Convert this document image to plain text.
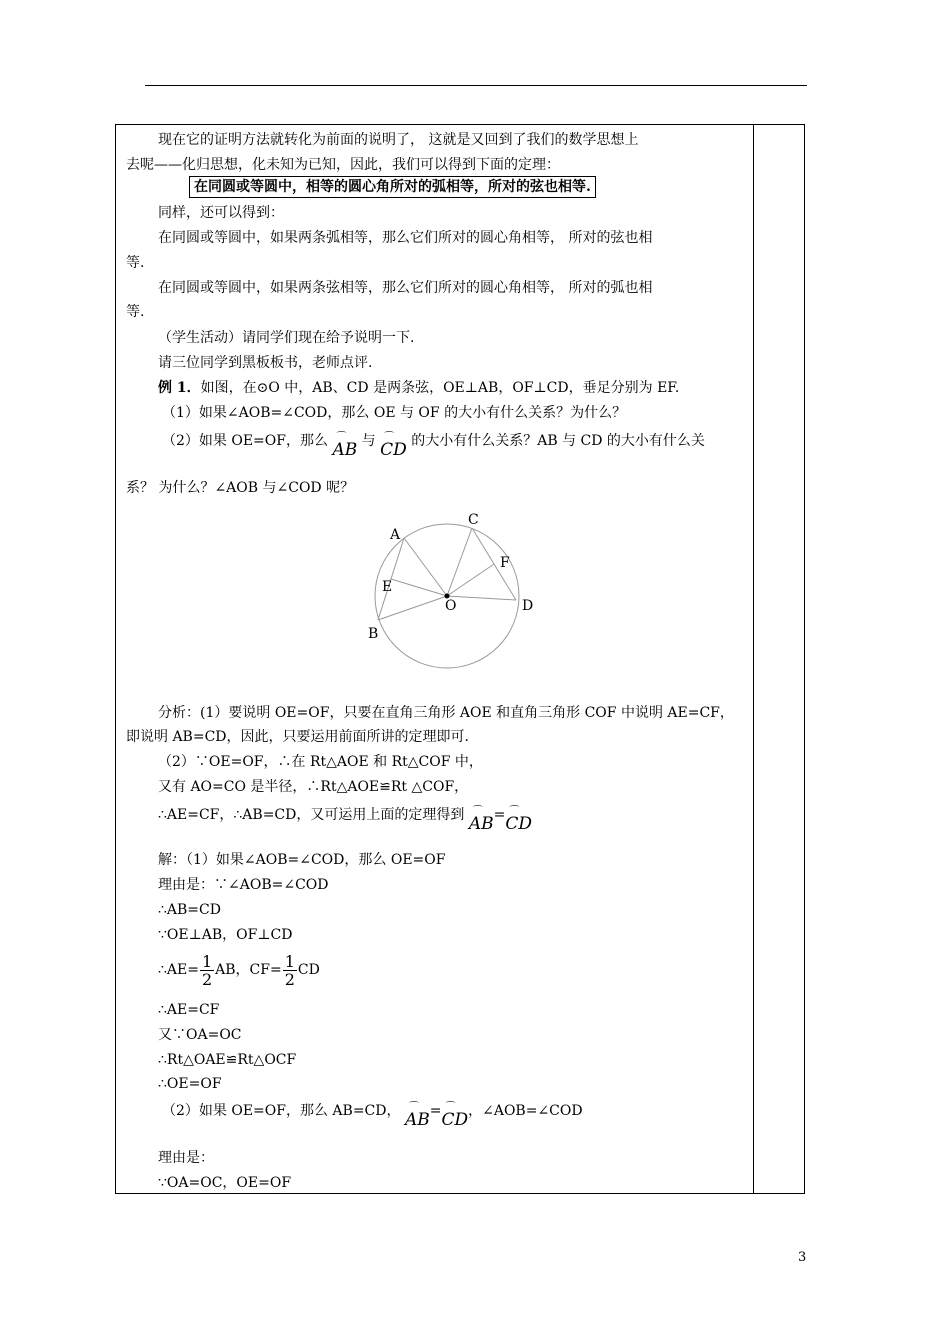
现在它的证明方法就转化为前面的说明了， 这就是又回到了我们的数学思想上
去呢——化归思想，化未知为已知，因此，我们可以得到下面的定理：
在同圆或等圆中，相等的圆心角所对的弧相等，所对的弦也相等.
同样，还可以得到：
在同圆或等圆中，如果两条弧相等，那么它们所对的圆心角相等， 所对的弦也相
等.
在同圆或等圆中，如果两条弦相等，那么它们所对的圆心角相等， 所对的弧也相
等.
（学生活动）请同学们现在给予说明一下.
请三位同学到黑板板书，老师点评.
例 1．如图，在⊙O 中，AB、CD 是两条弦，OE⊥AB，OF⊥CD，垂足分别为 EF.
（1）如果∠AOB=∠COD，那么 OE 与 OF 的大小有什么关系？为什么？
（2）如果 OE=OF，那么 ⌒
AB 与 ⌒
CD 的大小有什么关系？AB 与 CD 的大小有什么关
系？ 为什么？∠AOB 与∠COD 呢？
A
C
F
E
O	D
B
分析：(1）要说明 OE=OF，只要在直角三角形 AOE 和直角三角形 COF 中说明 AE=CF，
即说明 AB=CD，因此，只要运用前面所讲的定理即可.
（2）∵OE=OF，∴在 Rt△AOE 和 Rt△COF 中，
又有 AO=CO 是半径，∴Rt△AOE≌Rt △COF，
∴AE=CF，∴AB=CD，又可运用上面的定理得到 ⌒
AB= ⌒
CD
解：（1）如果∠AOB=∠COD，那么 OE=OF
理由是：∵∠AOB=∠COD
∴AB=CD
∵OE⊥AB，OF⊥CD
∴AE= $\frac{1}{2}$ AB，$CF= \frac{1}{2}$ CD
∴AE=CF
又∵OA=OC
∴Rt△OAE≌Rt△OCF
∴OE=OF
（2）如果 OE=OF，那么 AB=CD， ⌒
AB= ⌒
CD，∠AOB=∠COD
理由是：
∵OA=OC，OE=OF
3
